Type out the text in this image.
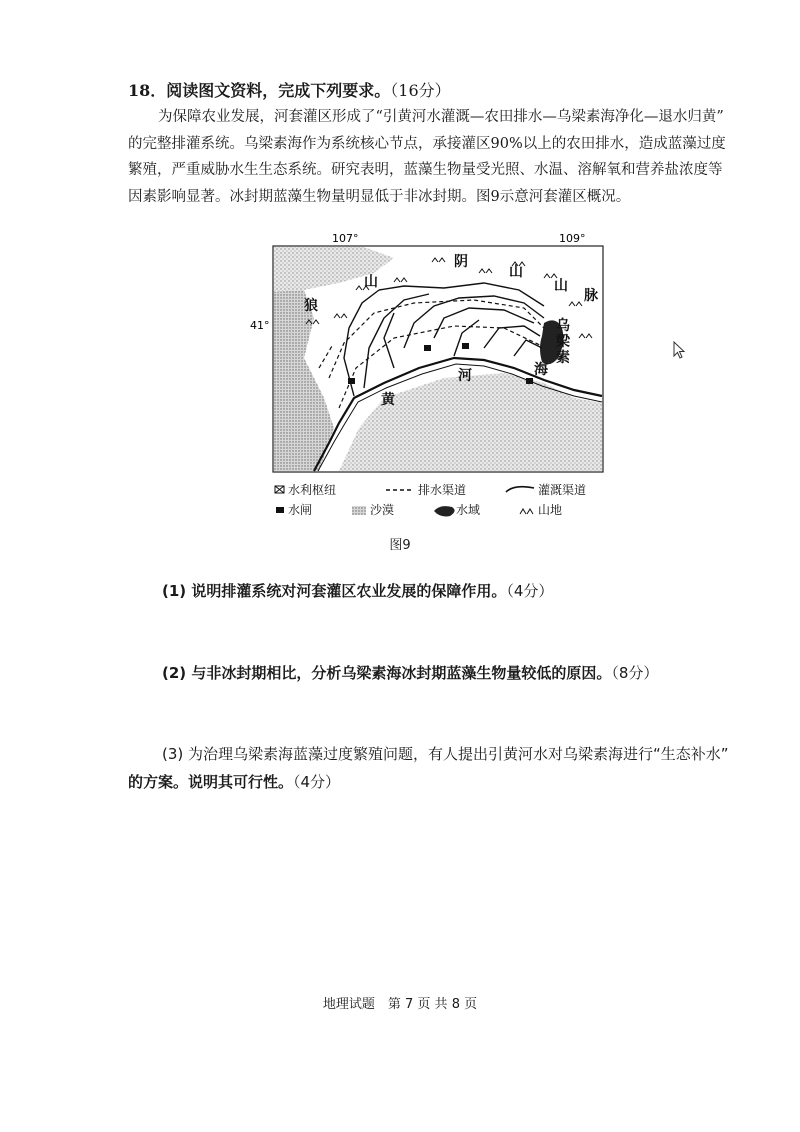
18．阅读图文资料，完成下列要求。（16分）
为保障农业发展，河套灌区形成了“引黄河水灌溉—农田排水—乌梁素海净化—退水归黄”
的完整排灌系统。乌梁素海作为系统核心节点，承接灌区90%以上的农田排水，造成蓝藻过度
繁殖，严重威胁水生生态系统。研究表明，蓝藻生物量受光照、水温、溶解氧和营养盐浓度等
因素影响显著。冰封期蓝藻生物量明显低于非冰封期。图9示意河套灌区概况。
107°	109°
41°
阴
山
山
脉
山
狼
乌
梁
素
海
河
黄
水利枢纽	排水渠道	灌溉渠道
水闸	沙漠	水域	山地
图9
(1) 说明排灌系统对河套灌区农业发展的保障作用。（4分）
(2) 与非冰封期相比，分析乌梁素海冰封期蓝藻生物量较低的原因。（8分）
(3) 为治理乌梁素海蓝藻过度繁殖问题，有人提出引黄河水对乌梁素海进行“生态补水”
的方案。说明其可行性。（4分）
地理试题　第 7 页 共 8 页
